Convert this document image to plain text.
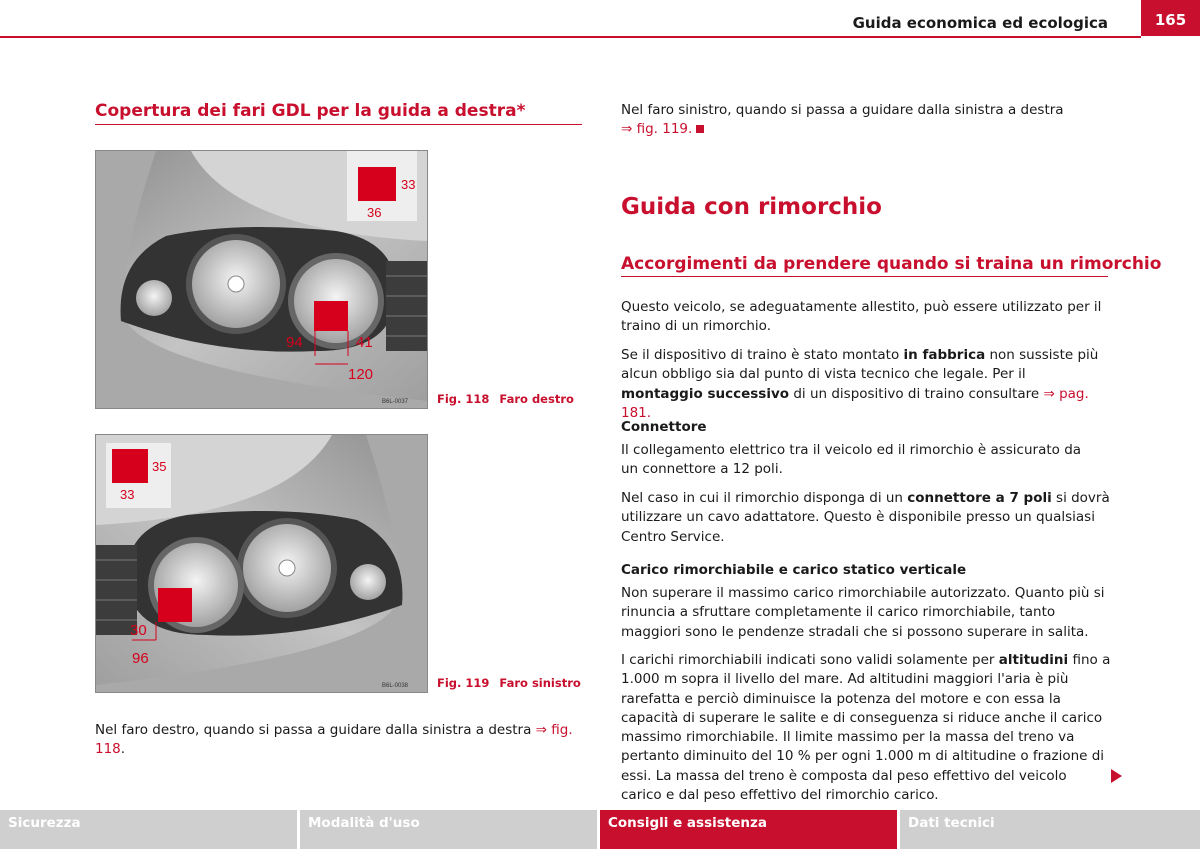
Guida economica ed ecologica	165
Copertura dei fari GDL per la guida a destra*
33
36
94	41
120
B6L-0037	Fig. 118 Faro destro
35
33
30
96
B6L-0038	Fig. 119 Faro sinistro

Nel faro destro, quando si passa a guidare dalla sinistra a destra ⇒ fig. 118.

Nel faro sinistro, quando si passa a guidare dalla sinistra a destra
⇒ fig. 119.

Guida con rimorchio
Accorgimenti da prendere quando si traina un rimorchio

Questo veicolo, se adeguatamente allestito, può essere utilizzato per il traino di un rimorchio.

Se il dispositivo di traino è stato montato in fabbrica non sussiste più alcun obbligo sia dal punto di vista tecnico che legale. Per il montaggio successivo di un dispositivo di traino consultare ⇒ pag. 181.

Connettore

Il collegamento elettrico tra il veicolo ed il rimorchio è assicurato da un connettore a 12 poli.

Nel caso in cui il rimorchio disponga di un connettore a 7 poli si dovrà utilizzare un cavo adattatore. Questo è disponibile presso un qualsiasi Centro Service.

Carico rimorchiabile e carico statico verticale

Non superare il massimo carico rimorchiabile autorizzato. Quanto più si rinuncia a sfruttare completamente il carico rimorchiabile, tanto maggiori sono le pendenze stradali che si possono superare in salita.

I carichi rimorchiabili indicati sono validi solamente per altitudini fino a 1.000 m sopra il livello del mare. Ad altitudini maggiori l'aria è più rarefatta e perciò diminuisce la potenza del motore e con essa la capacità di superare le salite e di conseguenza si riduce anche il carico massimo rimorchiabile. Il limite massimo per la massa del treno va pertanto diminuito del 10 % per ogni 1.000 m di altitudine o frazione di essi. La massa del treno è composta dal peso effettivo del veicolo carico e dal peso effettivo del rimorchio carico.

Sicurezza	Modalità d'uso	Consigli e assistenza	Dati tecnici
